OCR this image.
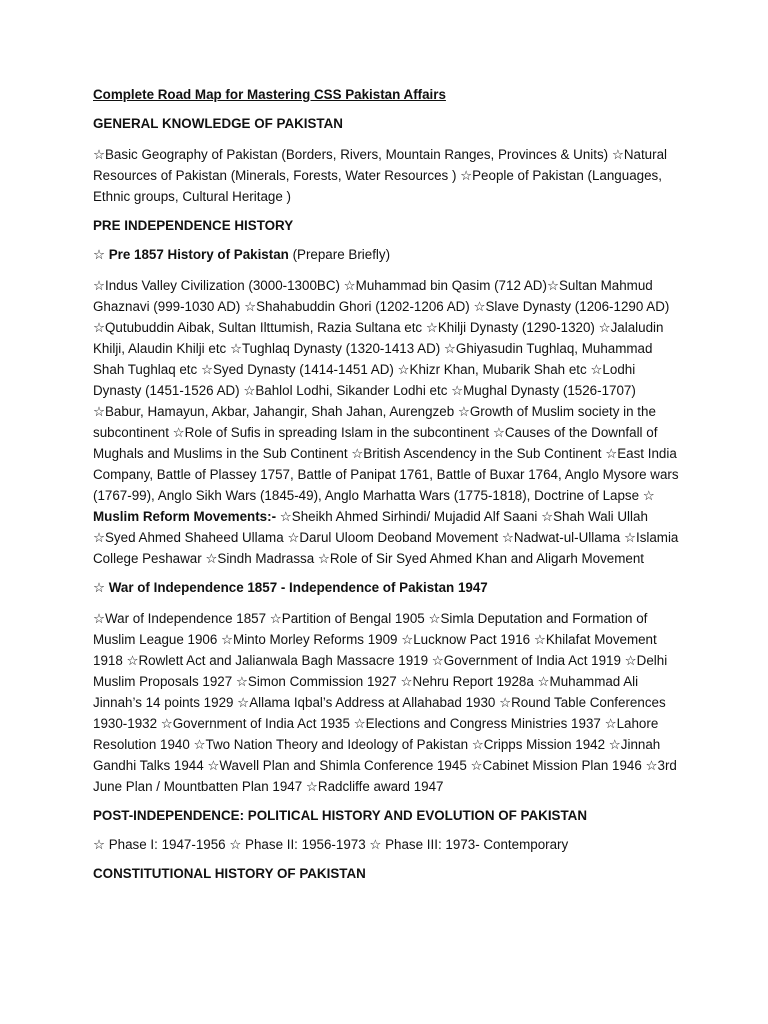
Complete Road Map for Mastering CSS Pakistan Affairs
GENERAL KNOWLEDGE OF PAKISTAN
☆Basic Geography of Pakistan (Borders, Rivers, Mountain Ranges, Provinces & Units) ☆Natural Resources of Pakistan (Minerals, Forests, Water Resources ) ☆People of Pakistan (Languages, Ethnic groups, Cultural Heritage )
PRE INDEPENDENCE HISTORY
☆ Pre 1857 History of Pakistan (Prepare Briefly)
☆Indus Valley Civilization (3000-1300BC) ☆Muhammad bin Qasim (712 AD)☆Sultan Mahmud Ghaznavi (999-1030 AD) ☆Shahabuddin Ghori (1202-1206 AD) ☆Slave Dynasty (1206-1290 AD) ☆Qutubuddin Aibak, Sultan Ilttumish, Razia Sultana etc ☆Khilji Dynasty (1290-1320) ☆Jalaludin Khilji, Alaudin Khilji etc ☆Tughlaq Dynasty (1320-1413 AD) ☆Ghiyasudin Tughlaq, Muhammad Shah Tughlaq etc ☆Syed Dynasty (1414-1451 AD) ☆Khizr Khan, Mubarik Shah etc ☆Lodhi Dynasty (1451-1526 AD) ☆Bahlol Lodhi, Sikander Lodhi etc ☆Mughal Dynasty (1526-1707) ☆Babur, Hamayun, Akbar, Jahangir, Shah Jahan, Aurengzeb ☆Growth of Muslim society in the subcontinent ☆Role of Sufis in spreading Islam in the subcontinent ☆Causes of the Downfall of Mughals and Muslims in the Sub Continent ☆British Ascendency in the Sub Continent ☆East India Company, Battle of Plassey 1757, Battle of Panipat 1761, Battle of Buxar 1764, Anglo Mysore wars (1767-99), Anglo Sikh Wars (1845-49), Anglo Marhatta Wars (1775-1818), Doctrine of Lapse ☆ Muslim Reform Movements:- ☆Sheikh Ahmed Sirhindi/ Mujadid Alf Saani ☆Shah Wali Ullah ☆Syed Ahmed Shaheed Ullama ☆Darul Uloom Deoband Movement ☆Nadwat-ul-Ullama ☆Islamia College Peshawar ☆Sindh Madrassa ☆Role of Sir Syed Ahmed Khan and Aligarh Movement
☆ War of Independence 1857 - Independence of Pakistan 1947
☆War of Independence 1857 ☆Partition of Bengal 1905 ☆Simla Deputation and Formation of Muslim League 1906 ☆Minto Morley Reforms 1909 ☆Lucknow Pact 1916 ☆Khilafat Movement 1918 ☆Rowlett Act and Jalianwala Bagh Massacre 1919 ☆Government of India Act 1919 ☆Delhi Muslim Proposals 1927 ☆Simon Commission 1927 ☆Nehru Report 1928a ☆Muhammad Ali Jinnah’s 14 points 1929 ☆Allama Iqbal’s Address at Allahabad 1930 ☆Round Table Conferences 1930-1932 ☆Government of India Act 1935 ☆Elections and Congress Ministries 1937 ☆Lahore Resolution 1940 ☆Two Nation Theory and Ideology of Pakistan ☆Cripps Mission 1942 ☆Jinnah Gandhi Talks 1944 ☆Wavell Plan and Shimla Conference 1945 ☆Cabinet Mission Plan 1946 ☆3rd June Plan / Mountbatten Plan 1947 ☆Radcliffe award 1947
POST-INDEPENDENCE: POLITICAL HISTORY AND EVOLUTION OF PAKISTAN
☆ Phase I: 1947-1956 ☆ Phase II: 1956-1973 ☆ Phase III: 1973- Contemporary
CONSTITUTIONAL HISTORY OF PAKISTAN
